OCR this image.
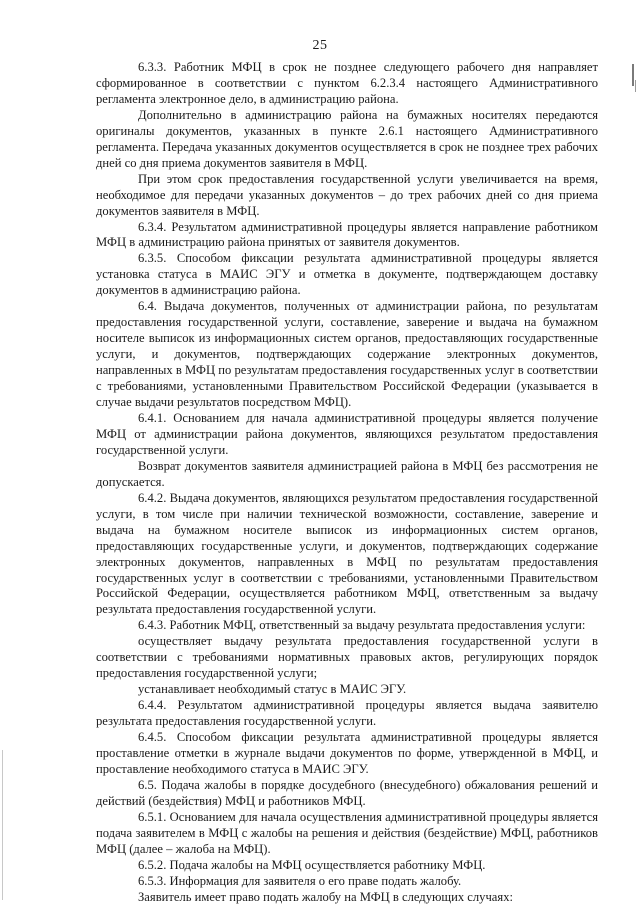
25

6.3.3. Работник МФЦ в срок не позднее следующего рабочего дня направляет сформированное в соответствии с пунктом 6.2.3.4 настоящего Административного регламента электронное дело, в администрацию района.

Дополнительно в администрацию района на бумажных носителях передаются оригиналы документов, указанных в пункте 2.6.1 настоящего Административного регламента. Передача указанных документов осуществляется в срок не позднее трех рабочих дней со дня приема документов заявителя в МФЦ.

При этом срок предоставления государственной услуги увеличивается на время, необходимое для передачи указанных документов – до трех рабочих дней со дня приема документов заявителя в МФЦ.

6.3.4. Результатом административной процедуры является направление работником МФЦ в администрацию района принятых от заявителя документов.

6.3.5. Способом фиксации результата административной процедуры является установка статуса в МАИС ЭГУ и отметка в документе, подтверждающем доставку документов в администрацию района.

6.4. Выдача документов, полученных от администрации района, по результатам предоставления государственной услуги, составление, заверение и выдача на бумажном носителе выписок из информационных систем органов, предоставляющих государственные услуги, и документов, подтверждающих содержание электронных документов, направленных в МФЦ по результатам предоставления государственных услуг в соответствии с требованиями, установленными Правительством Российской Федерации (указывается в случае выдачи результатов посредством МФЦ).

6.4.1. Основанием для начала административной процедуры является получение МФЦ от администрации района документов, являющихся результатом предоставления государственной услуги.

Возврат документов заявителя администрацией района в МФЦ без рассмотрения не допускается.

6.4.2. Выдача документов, являющихся результатом предоставления государственной услуги, в том числе при наличии технической возможности, составление, заверение и выдача на бумажном носителе выписок из информационных систем органов, предоставляющих государственные услуги, и документов, подтверждающих содержание электронных документов, направленных в МФЦ по результатам предоставления государственных услуг в соответствии с требованиями, установленными Правительством Российской Федерации, осуществляется работником МФЦ, ответственным за выдачу результата предоставления государственной услуги.

6.4.3. Работник МФЦ, ответственный за выдачу результата предоставления услуги:

осуществляет выдачу результата предоставления государственной услуги в соответствии с требованиями нормативных правовых актов, регулирующих порядок предоставления государственной услуги;

устанавливает необходимый статус в МАИС ЭГУ.

6.4.4. Результатом административной процедуры является выдача заявителю результата предоставления государственной услуги.

6.4.5. Способом фиксации результата административной процедуры является проставление отметки в журнале выдачи документов по форме, утвержденной в МФЦ, и проставление необходимого статуса в МАИС ЭГУ.

6.5. Подача жалобы в порядке досудебного (внесудебного) обжалования решений и действий (бездействия) МФЦ и работников МФЦ.

6.5.1. Основанием для начала осуществления административной процедуры является подача заявителем в МФЦ с жалобы на решения и действия (бездействие) МФЦ, работников МФЦ (далее – жалоба на МФЦ).

6.5.2. Подача жалобы на МФЦ осуществляется работнику МФЦ.

6.5.3. Информация для заявителя о его праве подать жалобу.

Заявитель имеет право подать жалобу на МФЦ в следующих случаях:
